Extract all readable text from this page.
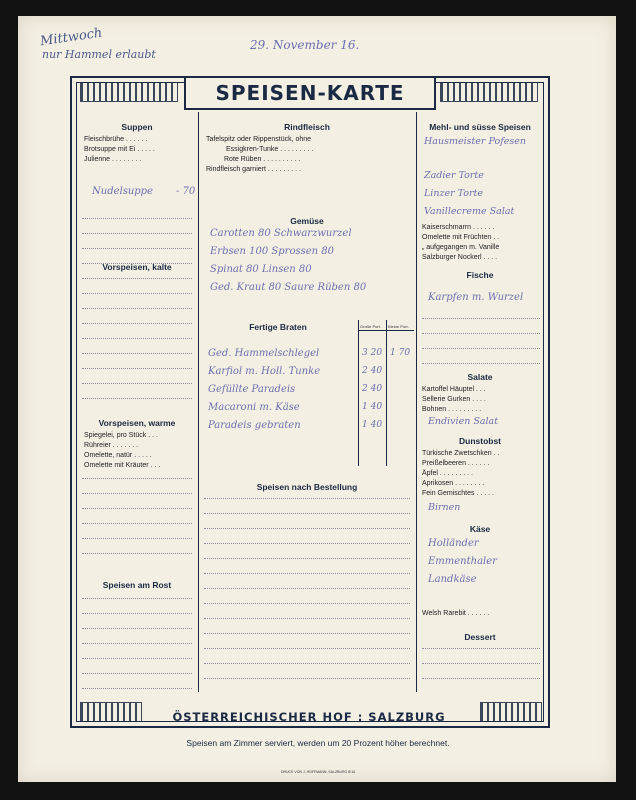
Mittwoch
nur Hammel erlaubt
29. November 16.
SPEISEN-KARTE
Suppen
Fleischbrühe . . . . . .
Brotsuppe mit Ei . . . . .
Julienne . . . . . . . .
Nudelsuppe - 70
Vorspeisen, kalte
Vorspeisen, warme
Spiegelei, pro Stück . . .
Rühreier . . . . . . .
Omelette, natür . . . . .
Omelette mit Kräuter . . .
Speisen am Rost
Rindfleisch
Tafelspitz oder Rippenstück, ohne
Essigkren-Tunke . . . . . . . . .
Rote Rüben . . . . . . . . . .
Rindfleisch garniert . . . . . . . . .
Gemüse
Carotten 80 Schwarzwurzel
Erbsen 100 Sprossen 80
Spinat 80 Linsen 80
Ged. Kraut 80 Saure Rüben 80
Fertige Braten	Große Port. Kleine Port.
Ged. Hammelschlegel	3 20 1 70
Karfiol m. Holl. Tunke	2 40
Gefüllte Paradeis	2 40
Macaroni m. Käse	1 40
Paradeis gebraten	1 40
Speisen nach Bestellung
Mehl- und süsse Speisen
Hausmeister Pofesen
Zadier Torte
Linzer Torte
Vanillecreme Salat
Kaiserschmarrn . . . . . .
Omelette mit Früchten . .
„ aufgegangen m. Vanille
Salzburger Nockerl . . . .
Fische
Karpfen m. Wurzel
Salate
Kartoffel Häuptel . . .
Sellerie Gurken . . . .
Bohnen . . . . . . . . .
Endivien Salat
Dunstobst
Türkische Zwetschken . .
Preißelbeeren . . . . . .
Äpfel . . . . . . . . .
Aprikosen . . . . . . . .
Fein Gemischtes . . . . .
Birnen
Käse
Holländer
Emmenthaler
Landkäse
Welsh Rarebit . . . . . .
Dessert
ÖSTERREICHISCHER HOF : SALZBURG
Speisen am Zimmer serviert, werden um 20 Prozent höher berechnet.
DRUCK VON J. HOFFMANN, SALZBURG 8/16
